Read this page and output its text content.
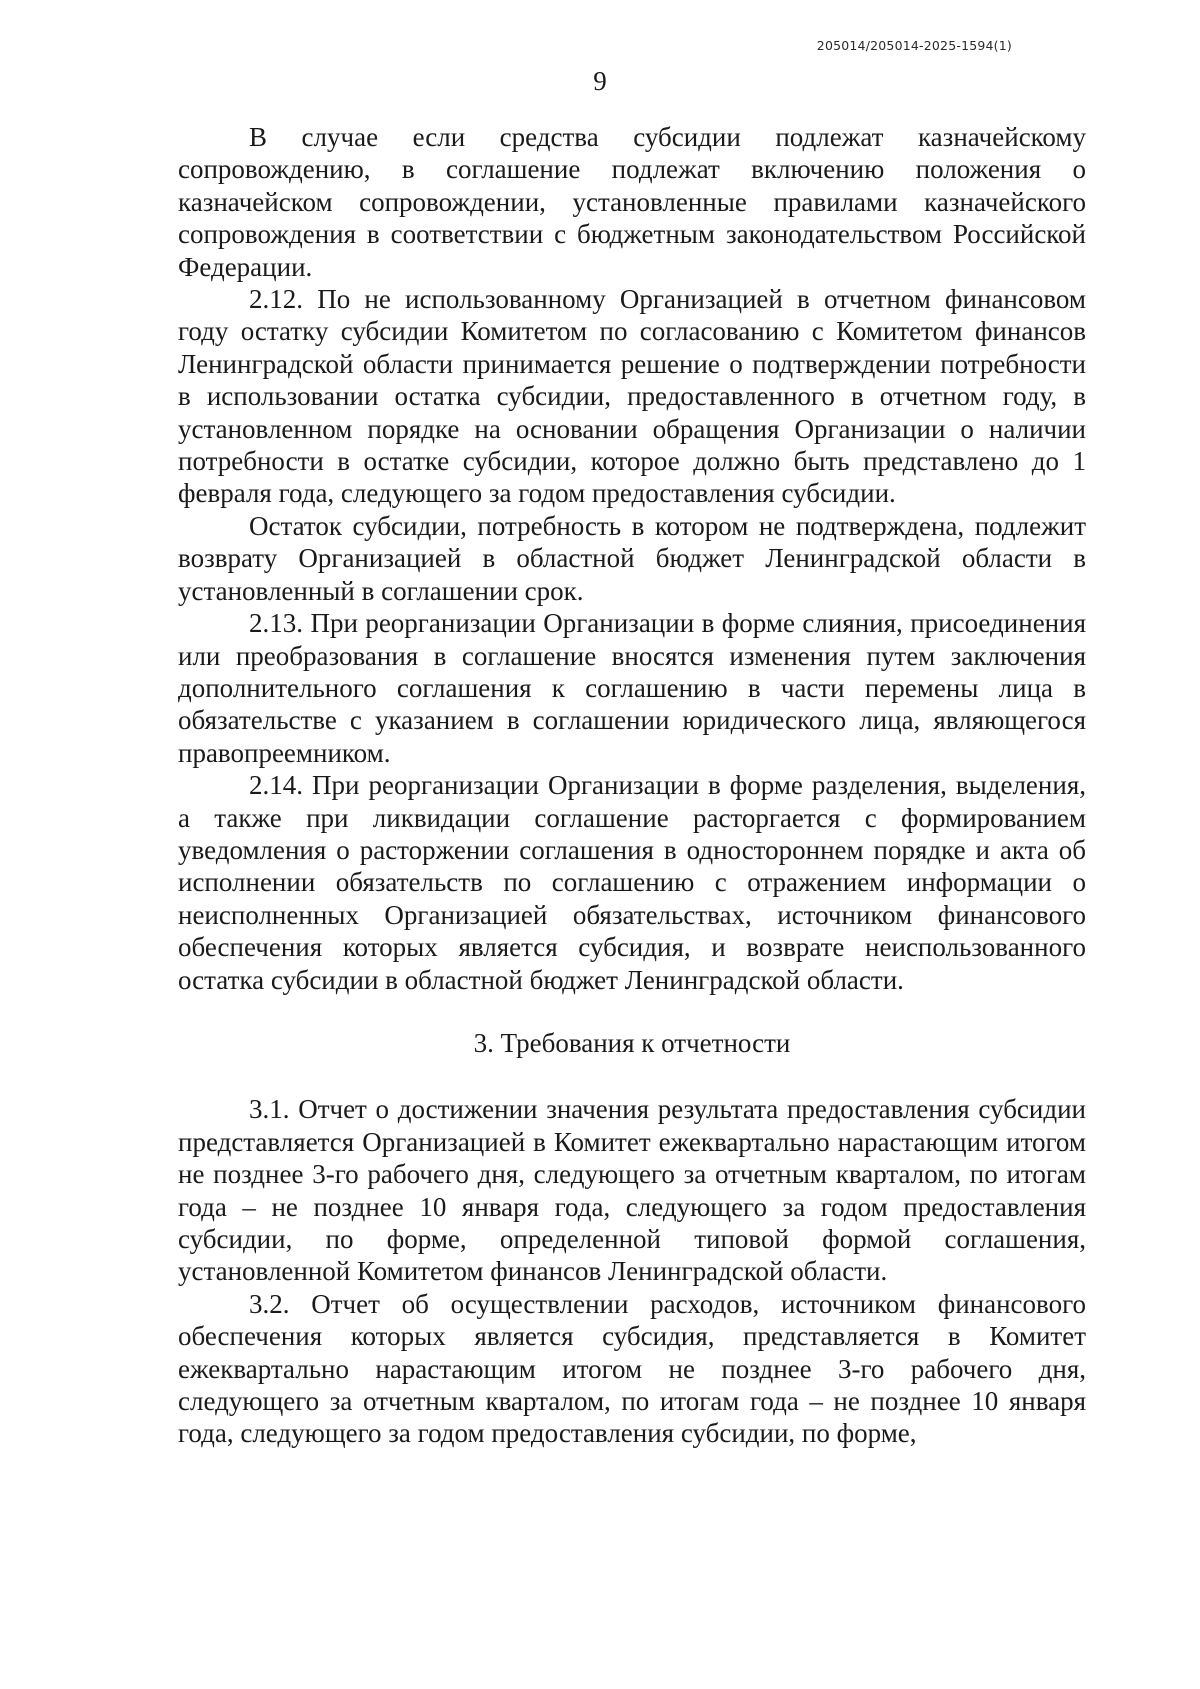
205014/205014-2025-1594(1)
9

В случае если средства субсидии подлежат казначейскому сопровождению, в соглашение подлежат включению положения о казначейском сопровождении, установленные правилами казначейского сопровождения в соответствии с бюджетным законодательством Российской Федерации.

2.12. По не использованному Организацией в отчетном финансовом году остатку субсидии Комитетом по согласованию с Комитетом финансов Ленинградской области принимается решение о подтверждении потребности в использовании остатка субсидии, предоставленного в отчетном году, в установленном порядке на основании обращения Организации о наличии потребности в остатке субсидии, которое должно быть представлено до 1 февраля года, следующего за годом предоставления субсидии.

Остаток субсидии, потребность в котором не подтверждена, подлежит возврату Организацией в областной бюджет Ленинградской области в установленный в соглашении срок.

2.13. При реорганизации Организации в форме слияния, присоединения или преобразования в соглашение вносятся изменения путем заключения дополнительного соглашения к соглашению в части перемены лица в обязательстве с указанием в соглашении юридического лица, являющегося правопреемником.

2.14. При реорганизации Организации в форме разделения, выделения, а также при ликвидации соглашение расторгается с формированием уведомления о расторжении соглашения в одностороннем порядке и акта об исполнении обязательств по соглашению с отражением информации о неисполненных Организацией обязательствах, источником финансового обеспечения которых является субсидия, и возврате неиспользованного остатка субсидии в областной бюджет Ленинградской области.

3. Требования к отчетности

3.1. Отчет о достижении значения результата предоставления субсидии представляется Организацией в Комитет ежеквартально нарастающим итогом не позднее 3-го рабочего дня, следующего за отчетным кварталом, по итогам года – не позднее 10 января года, следующего за годом предоставления субсидии, по форме, определенной типовой формой соглашения, установленной Комитетом финансов Ленинградской области.

3.2. Отчет об осуществлении расходов, источником финансового обеспечения которых является субсидия, представляется в Комитет ежеквартально нарастающим итогом не позднее 3-го рабочего дня, следующего за отчетным кварталом, по итогам года – не позднее 10 января года, следующего за годом предоставления субсидии, по форме,
